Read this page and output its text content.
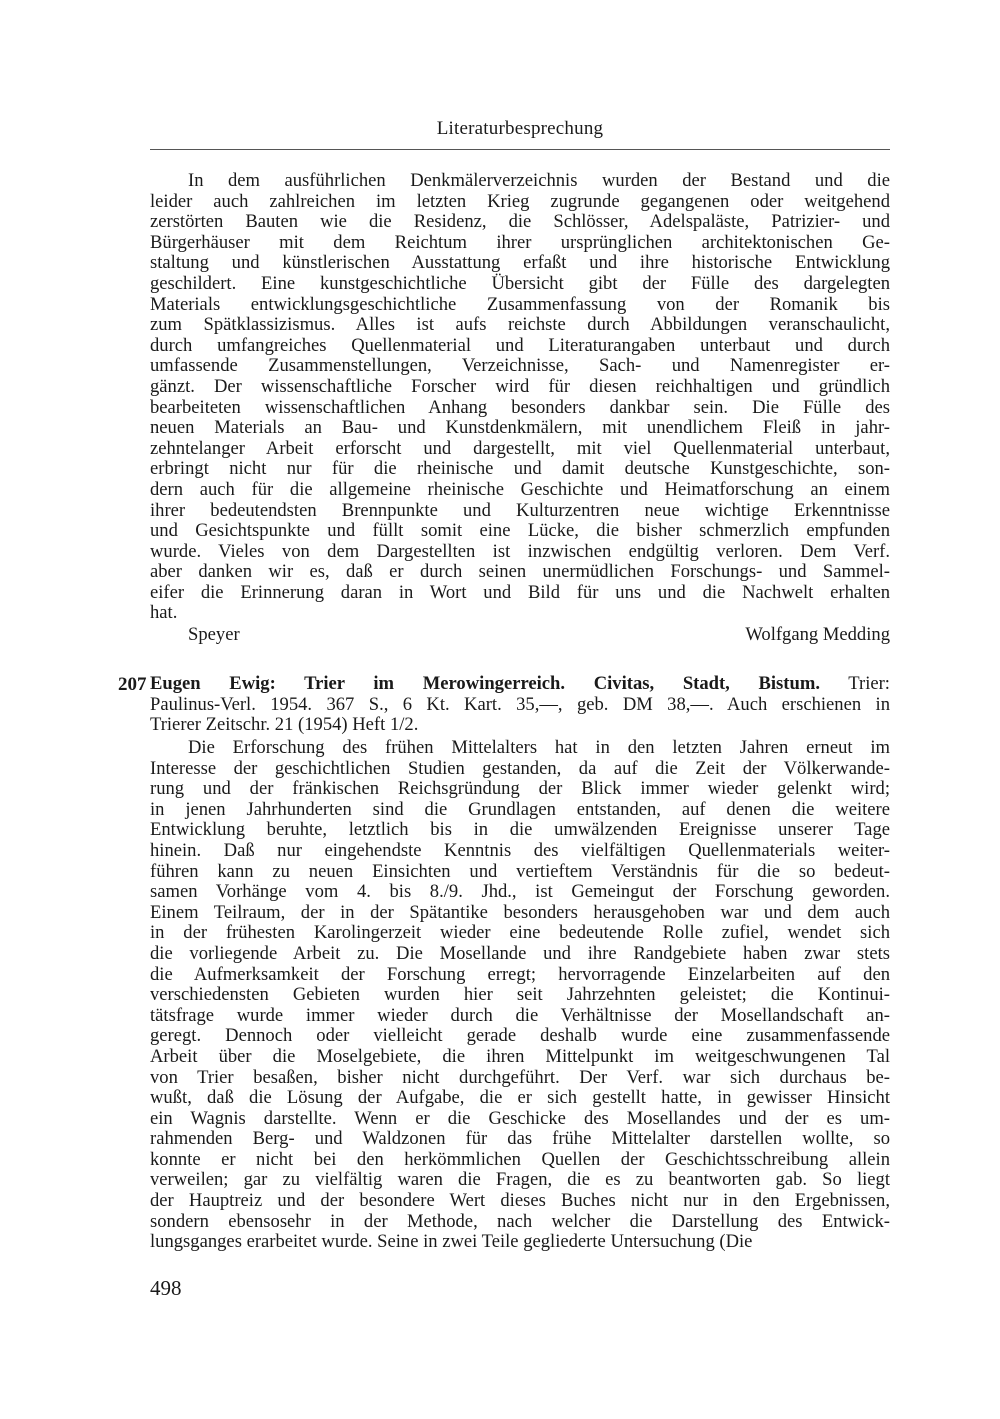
Literaturbesprechung
In dem ausführlichen Denkmälerverzeichnis wurden der Bestand und die
leider auch zahlreichen im letzten Krieg zugrunde gegangenen oder weitgehend
zerstörten Bauten wie die Residenz, die Schlösser, Adelspaläste, Patrizier- und
Bürgerhäuser mit dem Reichtum ihrer ursprünglichen architektonischen Ge-
staltung und künstlerischen Ausstattung erfaßt und ihre historische Entwicklung
geschildert. Eine kunstgeschichtliche Übersicht gibt der Fülle des dargelegten
Materials entwicklungsgeschichtliche Zusammenfassung von der Romanik bis
zum Spätklassizismus. Alles ist aufs reichste durch Abbildungen veranschaulicht,
durch umfangreiches Quellenmaterial und Literaturangaben unterbaut und durch
umfassende Zusammenstellungen, Verzeichnisse, Sach- und Namenregister er-
gänzt. Der wissenschaftliche Forscher wird für diesen reichhaltigen und gründlich
bearbeiteten wissenschaftlichen Anhang besonders dankbar sein. Die Fülle des
neuen Materials an Bau- und Kunstdenkmälern, mit unendlichem Fleiß in jahr-
zehntelanger Arbeit erforscht und dargestellt, mit viel Quellenmaterial unterbaut,
erbringt nicht nur für die rheinische und damit deutsche Kunstgeschichte, son-
dern auch für die allgemeine rheinische Geschichte und Heimatforschung an einem
ihrer bedeutendsten Brennpunkte und Kulturzentren neue wichtige Erkenntnisse
und Gesichtspunkte und füllt somit eine Lücke, die bisher schmerzlich empfunden
wurde. Vieles von dem Dargestellten ist inzwischen endgültig verloren. Dem Verf.
aber danken wir es, daß er durch seinen unermüdlichen Forschungs- und Sammel-
eifer die Erinnerung daran in Wort und Bild für uns und die Nachwelt erhalten
hat.
Speyer	Wolfgang Medding
207 Eugen Ewig: Trier im Merowingerreich. Civitas, Stadt, Bistum. Trier:
Paulinus-Verl. 1954. 367 S., 6 Kt. Kart. 35,—, geb. DM 38,—. Auch erschienen in
Trierer Zeitschr. 21 (1954) Heft 1/2.
Die Erforschung des frühen Mittelalters hat in den letzten Jahren erneut im
Interesse der geschichtlichen Studien gestanden, da auf die Zeit der Völkerwande-
rung und der fränkischen Reichsgründung der Blick immer wieder gelenkt wird;
in jenen Jahrhunderten sind die Grundlagen entstanden, auf denen die weitere
Entwicklung beruhte, letztlich bis in die umwälzenden Ereignisse unserer Tage
hinein. Daß nur eingehendste Kenntnis des vielfältigen Quellenmaterials weiter-
führen kann zu neuen Einsichten und vertieftem Verständnis für die so bedeut-
samen Vorhänge vom 4. bis 8./9. Jhd., ist Gemeingut der Forschung geworden.
Einem Teilraum, der in der Spätantike besonders herausgehoben war und dem auch
in der frühesten Karolingerzeit wieder eine bedeutende Rolle zufiel, wendet sich
die vorliegende Arbeit zu. Die Mosellande und ihre Randgebiete haben zwar stets
die Aufmerksamkeit der Forschung erregt; hervorragende Einzelarbeiten auf den
verschiedensten Gebieten wurden hier seit Jahrzehnten geleistet; die Kontinui-
tätsfrage wurde immer wieder durch die Verhältnisse der Mosellandschaft an-
geregt. Dennoch oder vielleicht gerade deshalb wurde eine zusammenfassende
Arbeit über die Moselgebiete, die ihren Mittelpunkt im weitgeschwungenen Tal
von Trier besaßen, bisher nicht durchgeführt. Der Verf. war sich durchaus be-
wußt, daß die Lösung der Aufgabe, die er sich gestellt hatte, in gewisser Hinsicht
ein Wagnis darstellte. Wenn er die Geschicke des Mosellandes und der es um-
rahmenden Berg- und Waldzonen für das frühe Mittelalter darstellen wollte, so
konnte er nicht bei den herkömmlichen Quellen der Geschichtsschreibung allein
verweilen; gar zu vielfältig waren die Fragen, die es zu beantworten gab. So liegt
der Hauptreiz und der besondere Wert dieses Buches nicht nur in den Ergebnissen,
sondern ebensosehr in der Methode, nach welcher die Darstellung des Entwick-
lungsganges erarbeitet wurde. Seine in zwei Teile gegliederte Untersuchung (Die
498
